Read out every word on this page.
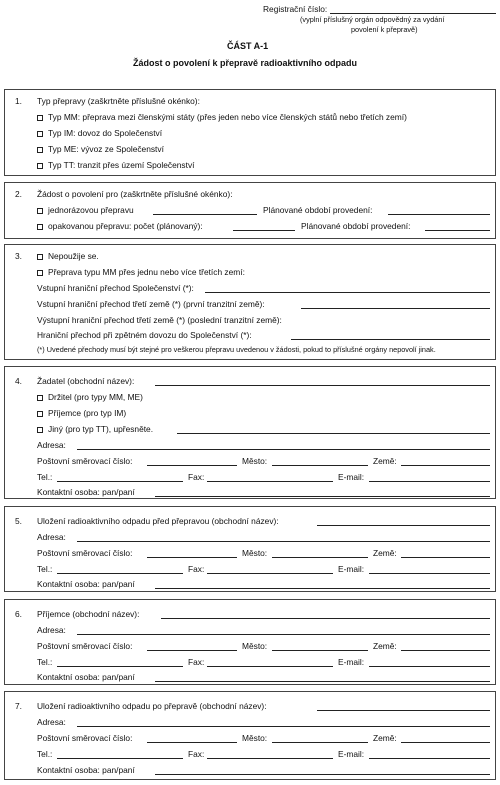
Registrační číslo:
(vyplní příslušný orgán odpovědný za vydání
povolení k přepravě)
ČÁST A-1
Žádost o povolení k přepravě radioaktivního odpadu
1. Typ přepravy (zaškrtněte příslušné okénko):
Typ MM: přeprava mezi členskými státy (přes jeden nebo více členských států nebo třetích zemí)
Typ IM: dovoz do Společenství
Typ ME: vývoz ze Společenství
Typ TT: tranzit přes území Společenství
2. Žádost o povolení pro (zaškrtněte příslušné okénko):
jednorázovou přepravu	Plánované období provedení:
opakovanou přepravu: počet (plánovaný):	Plánované období provedení:
3.	Nepoužije se.
Přeprava typu MM přes jednu nebo více třetích zemí:
Vstupní hraniční přechod Společenství (*):
Vstupní hraniční přechod třetí země (*) (první tranzitní země):
Výstupní hraniční přechod třetí země (*) (poslední tranzitní země):
Hraniční přechod při zpětném dovozu do Společenství (*):
(*) Uvedené přechody musí být stejné pro veškerou přepravu uvedenou v žádosti, pokud to příslušné orgány nepovolí jinak.
4. Žadatel (obchodní název):
Držitel (pro typy MM, ME)
Příjemce (pro typ IM)
Jiný (pro typ TT), upřesněte.
Adresa:
Poštovní směrovací číslo:	Město:	Země:
Tel.:	Fax:	E-mail:
Kontaktní osoba: pan/paní
5. Uložení radioaktivního odpadu před přepravou (obchodní název):
Adresa:
Poštovní směrovací číslo:	Město:	Země:
Tel.:	Fax:	E-mail:
Kontaktní osoba: pan/paní
6. Příjemce (obchodní název):
Adresa:
Poštovní směrovací číslo:	Město:	Země:
Tel.:	Fax:	E-mail:
Kontaktní osoba: pan/paní
7. Uložení radioaktivního odpadu po přepravě (obchodní název):
Adresa:
Poštovní směrovací číslo:	Město:	Země:
Tel.:	Fax:	E-mail:
Kontaktní osoba: pan/paní
